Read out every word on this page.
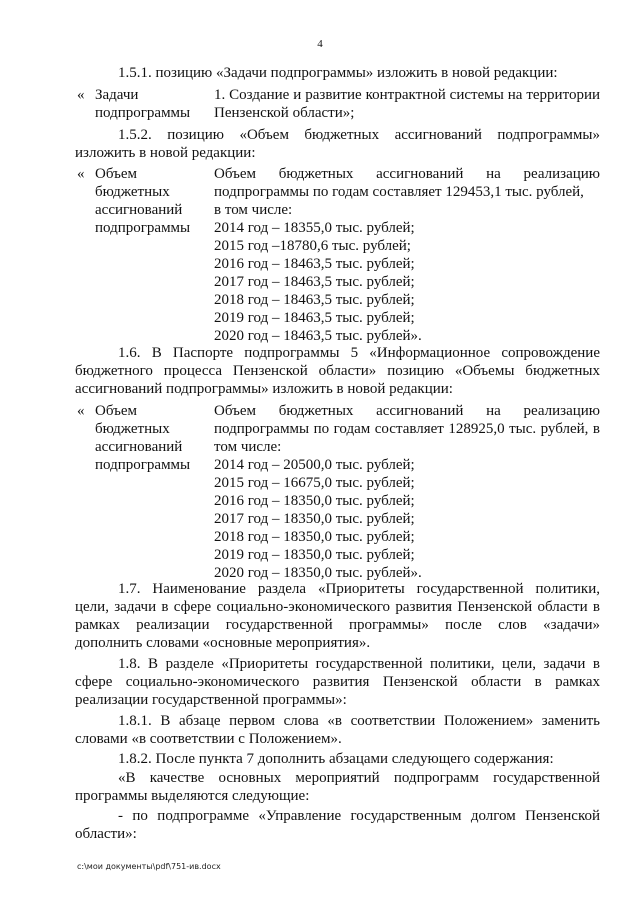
4
1.5.1. позицию «Задачи подпрограммы» изложить в новой редакции:
« Задачи
подпрограммы
1. Создание и развитие контрактной системы на территории
Пензенской области»;
1.5.2. позицию «Объем бюджетных ассигнований подпрограммы»
изложить в новой редакции:
« Объем
бюджетных
ассигнований
подпрограммы
Объем бюджетных ассигнований на реализацию
подпрограммы по годам составляет 129453,1 тыс. рублей,
в том числе:
2014 год – 18355,0 тыс. рублей;
2015 год –18780,6 тыс. рублей;
2016 год – 18463,5 тыс. рублей;
2017 год – 18463,5 тыс. рублей;
2018 год – 18463,5 тыс. рублей;
2019 год – 18463,5 тыс. рублей;
2020 год – 18463,5 тыс. рублей».
1.6. В Паспорте подпрограммы 5 «Информационное сопровождение
бюджетного процесса Пензенской области» позицию «Объемы бюджетных
ассигнований подпрограммы» изложить в новой редакции:
« Объем
бюджетных
ассигнований
подпрограммы
Объем бюджетных ассигнований на реализацию
подпрограммы по годам составляет 128925,0 тыс. рублей, в
том числе:
2014 год – 20500,0 тыс. рублей;
2015 год – 16675,0 тыс. рублей;
2016 год – 18350,0 тыс. рублей;
2017 год – 18350,0 тыс. рублей;
2018 год – 18350,0 тыс. рублей;
2019 год – 18350,0 тыс. рублей;
2020 год – 18350,0 тыс. рублей».
1.7. Наименование раздела «Приоритеты государственной политики,
цели, задачи в сфере социально-экономического развития Пензенской области в
рамках реализации государственной программы» после слов «задачи»
дополнить словами «основные мероприятия».
1.8. В разделе «Приоритеты государственной политики, цели, задачи в
сфере социально-экономического развития Пензенской области в рамках
реализации государственной программы»:
1.8.1. В абзаце первом слова «в соответствии Положением» заменить
словами «в соответствии с Положением».
1.8.2. После пункта 7 дополнить абзацами следующего содержания:
«В качестве основных мероприятий подпрограмм государственной
программы выделяются следующие:
- по подпрограмме «Управление государственным долгом Пензенской
области»:
c:\мои документы\pdf\751-ив.docx
